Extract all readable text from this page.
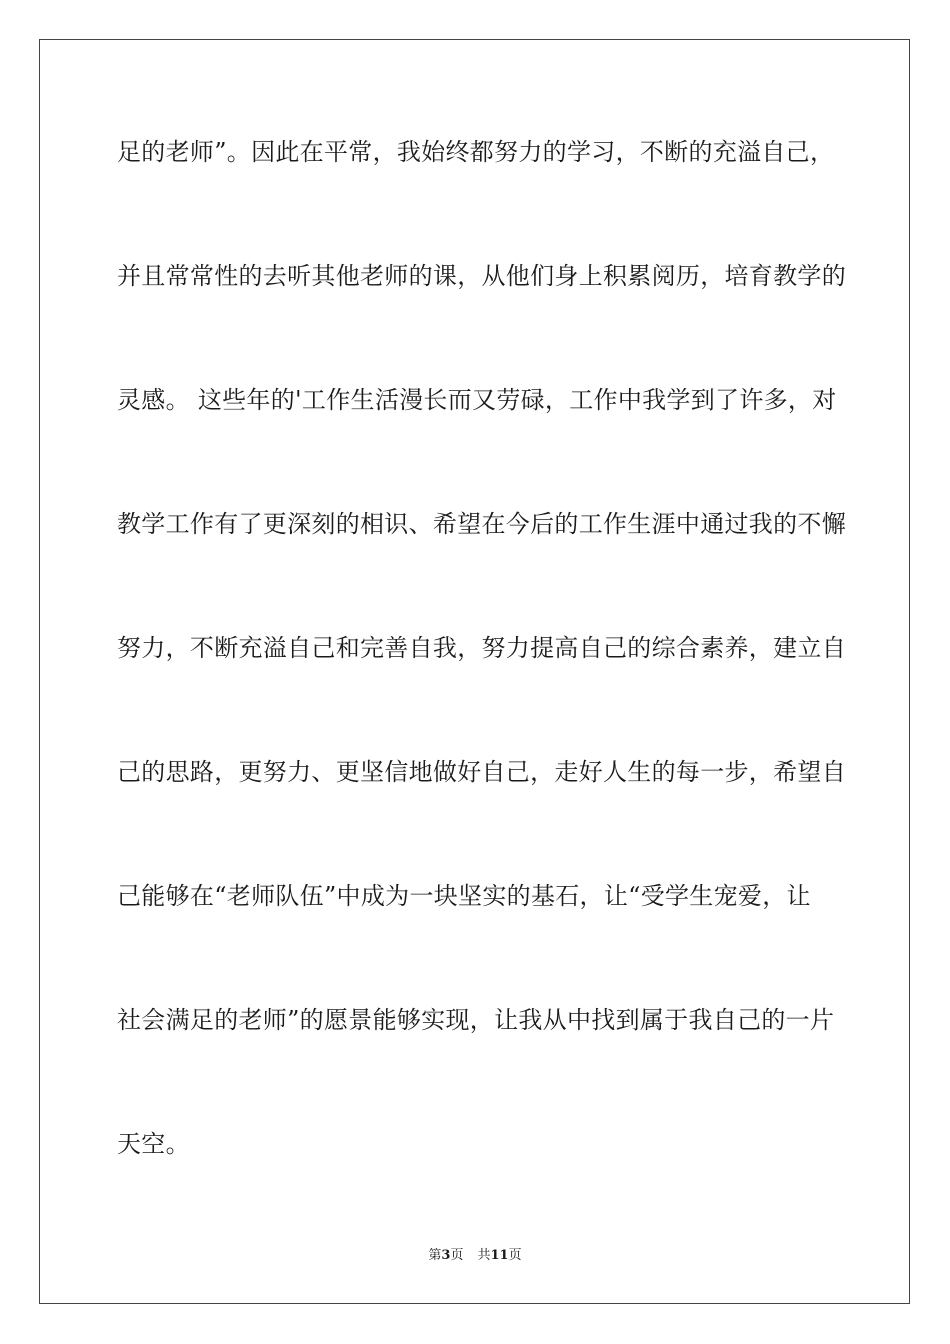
足的老师”。因此在平常，我始终都努力的学习，不断的充溢自己，

并且常常性的去听其他老师的课，从他们身上积累阅历，培育教学的

灵感。 这些年的'工作生活漫长而又劳碌，工作中我学到了许多，对

教学工作有了更深刻的相识、希望在今后的工作生涯中通过我的不懈

努力，不断充溢自己和完善自我，努力提高自己的综合素养，建立自

己的思路，更努力、更坚信地做好自己，走好人生的每一步，希望自

己能够在“老师队伍”中成为一块坚实的基石，让“受学生宠爱，让

社会满足的老师”的愿景能够实现，让我从中找到属于我自己的一片

天空。

第3页 共11页
